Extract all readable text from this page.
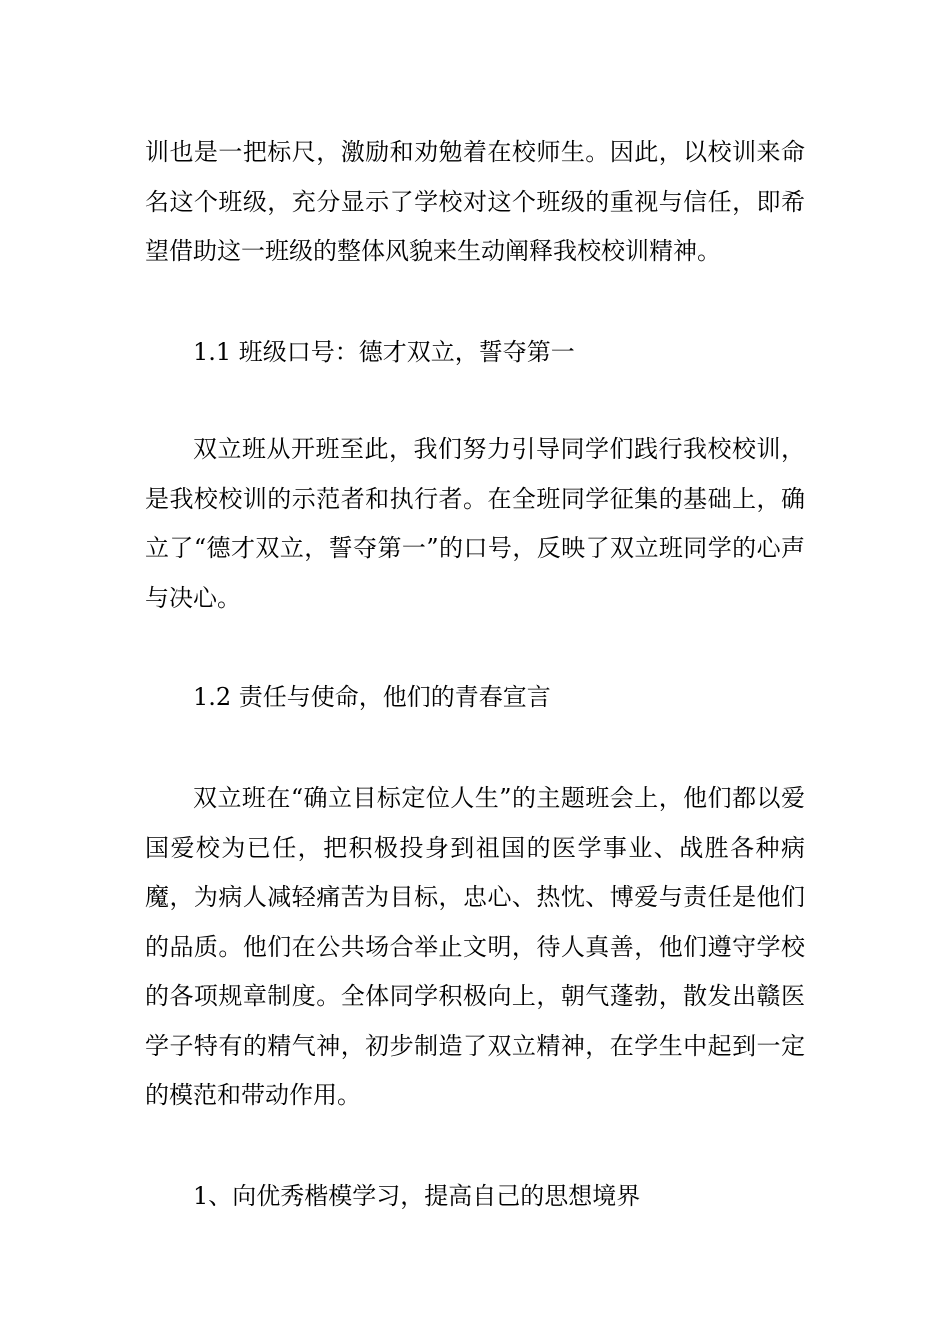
训也是一把标尺，激励和劝勉着在校师生。因此，以校训来命名这个班级，充分显示了学校对这个班级的重视与信任，即希望借助这一班级的整体风貌来生动阐释我校校训精神。

1.1 班级口号：德才双立，誓夺第一

双立班从开班至此，我们努力引导同学们践行我校校训，是我校校训的示范者和执行者。在全班同学征集的基础上，确立了“德才双立，誓夺第一”的口号，反映了双立班同学的心声与决心。

1.2 责任与使命，他们的青春宣言

双立班在“确立目标定位人生”的主题班会上，他们都以爱国爱校为已任，把积极投身到祖国的医学事业、战胜各种病魔，为病人减轻痛苦为目标，忠心、热忱、博爱与责任是他们的品质。他们在公共场合举止文明，待人真善，他们遵守学校的各项规章制度。全体同学积极向上，朝气蓬勃，散发出赣医学子特有的精气神，初步制造了双立精神，在学生中起到一定的模范和带动作用。

1、向优秀楷模学习，提高自己的思想境界
